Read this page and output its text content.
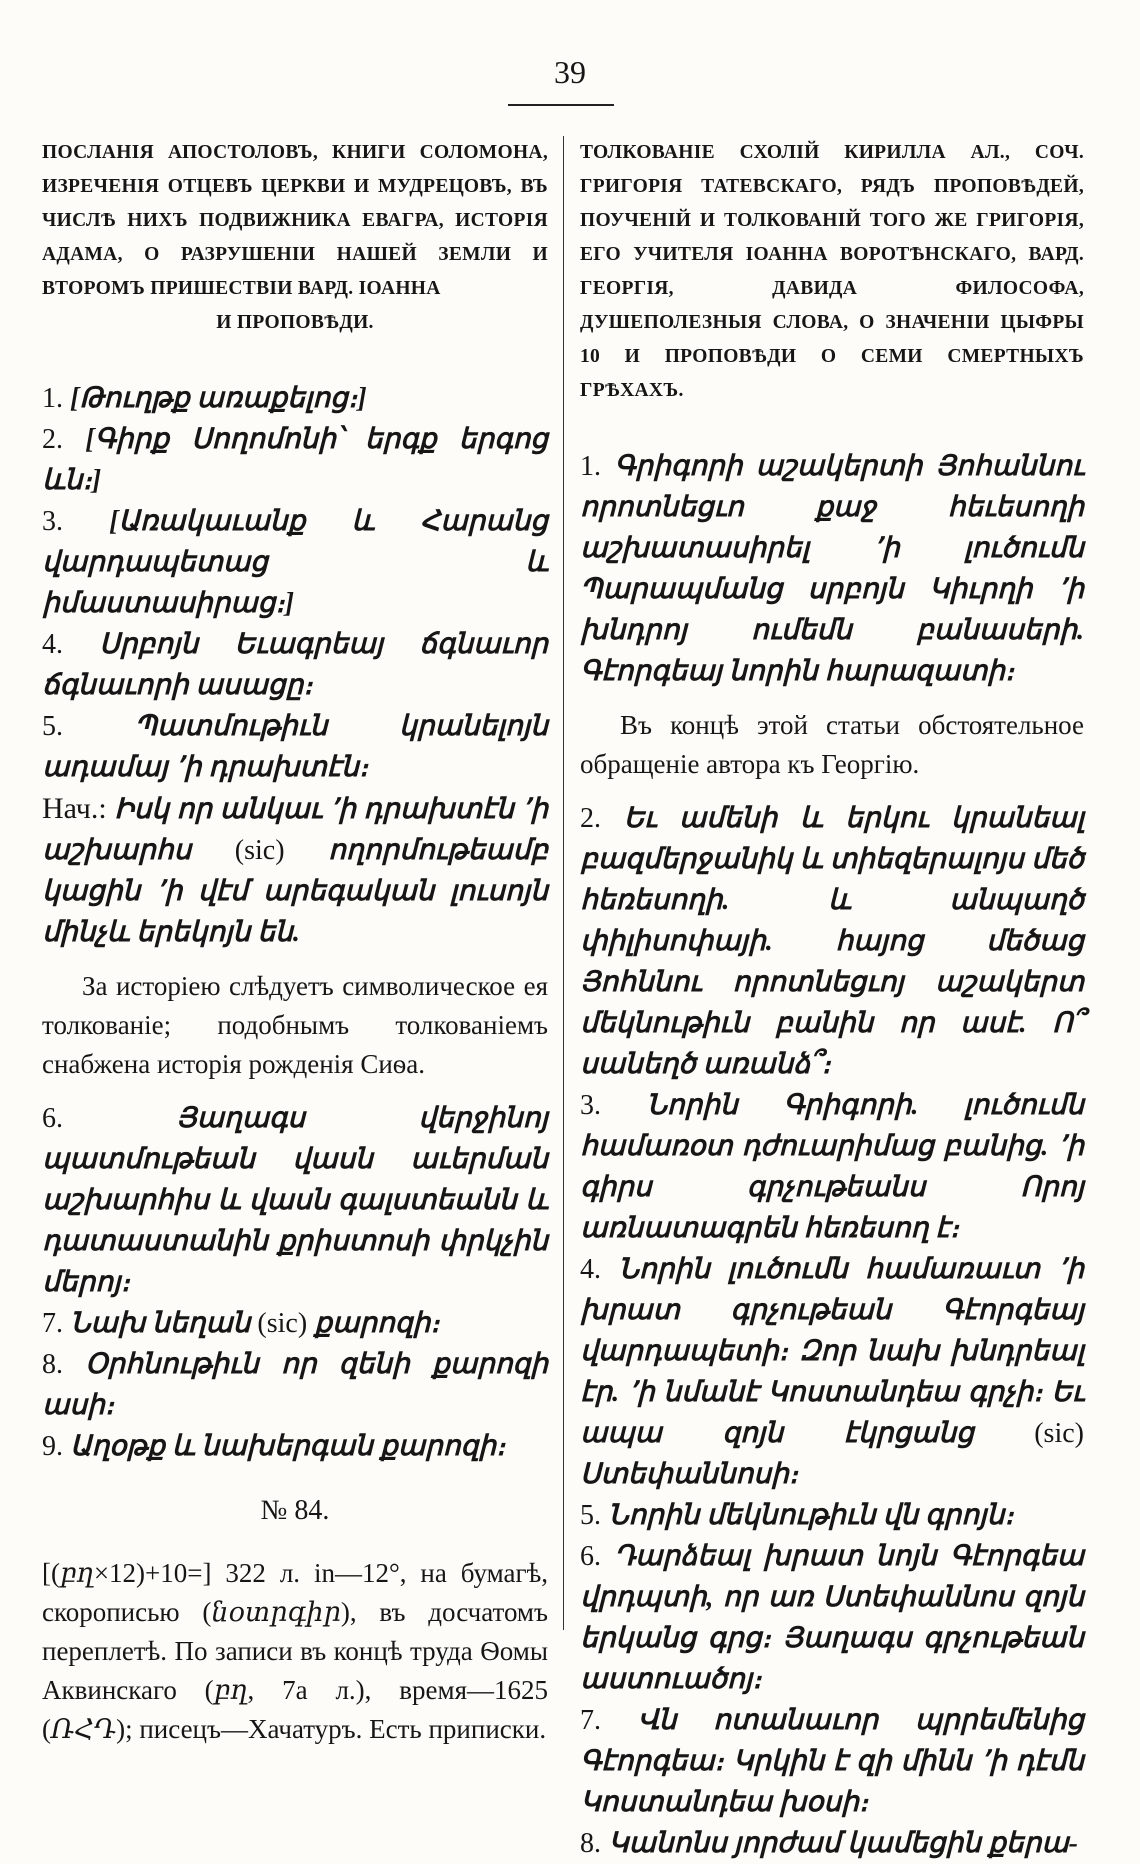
39
ПОСЛАНІЯ АПОСТОЛОВЪ, КНИГИ СОЛОМОНА, ИЗРЕЧЕНІЯ ОТЦЕВЪ ЦЕРКВИ И МУДРЕЦОВЪ, ВЪ ЧИСЛѢ НИХЪ ПОДВИЖНИКА ЕВАГРА, ИСТОРІЯ АДАМА, О РАЗРУШЕНІИ НАШЕЙ ЗЕМЛИ И ВТОРОМЪ ПРИШЕСТВІИ ВАРД. ІОАННА
И ПРОПОВѢДИ.

1. [Թուղթք առաքելոց։]

2. [Գիրք Սողոմոնի՝ երգք երգոց ևն։]

3. [Առակաւանք և Հարանց վարդապետաց և իմաստասիրաց։]

4. Սրբոյն Եւագրեայ ճգնաւոր ճգնաւորի ասացը։

5.	Պատմութիւն կրանելոյն ադամայ ՚ի դրախտէն։

Нач.: Իսկ որ անկաւ ՚ի դրախտէն ՚ի աշխարհս (sic) ողորմութեամբ կացին ՚ի վէմ արեգական լուսոյն մինչև երեկոյն են.

За исторіею слѣдуетъ символическое ея толкованіе; подобнымъ толкованіемъ снабжена исторія рожденія Сиѳа.

6.	Յաղագս վերջինոյ պատմութեան վասն աւերման աշխարհիս և վասն գալստեանն և դատաստանին քրիստոսի փրկչին մերոյ։

7. Նախ նեղան (sic) քարոզի։

8. Օրհնութիւն որ զենի քարոզի ասի։

9. Աղօթք և նախերգան քարոզի։

№ 84.

[(բղ×12)+10=] 322 л. in—12°, на бумагѣ, скорописью (նօտրգիր), въ досчатомъ переплетѣ. По записи въ концѣ труда Ѳомы Аквинскаго (բղ, 7а л.), время—1625 (ՌՀԴ); писецъ—Хачатуръ. Есть приписки.

ТОЛКОВАНІЕ СХОЛІЙ КИРИЛЛА АЛ., СОЧ. ГРИГОРІЯ ТАТЕВСКАГО, РЯДЪ ПРОПОВѢДЕЙ, ПОУЧЕНІЙ И ТОЛКОВАНІЙ ТОГО ЖЕ ГРИГОРІЯ, ЕГО УЧИТЕЛЯ ІОАННА ВОРОТѢНСКАГО, ВАРД. ГЕОРГІЯ, ДАВИДА ФИЛОСОФА, ДУШЕПОЛЕЗНЫЯ СЛОВА, О ЗНАЧЕНІИ ЦЫФРЫ 10 И ПРОПОВѢДИ О СЕМИ СМЕРТНЫХЪ ГРѢХАХЪ.

1. Գրիգորի աշակերտի Յոհաննու որոտնեցւո քաջ հեւեսողի աշխատասիրել ՚ի լուծումն Պարապմանց սրբոյն Կիւրղի ՚ի խնդրոյ ումեմն բանասերի. Գէորգեայ նորին հարազատի։

Въ концѣ этой статьи обстоятельное обращеніе автора къ Георгію.

2. Եւ ամենի և երկու կրանեալ բազմերջանիկ և տիեզերալոյս մեծ հեռեսողի. և անպաղծ փիլիսոփայի. հայոց մեծաց Յոհննու որոտնեցւոյ աշակերտ մեկնութիւն բանին որ ասէ. Ո՞ սանեղծ առանձ՞։

3. Նորին Գրիգորի. լուծումն համառօտ դժուարիմաց բանից. ՚ի գիրս գրչութեանս Որոյ առնատագրեն հեռեսող է։

4. Նորին լուծումն համառաւտ ՚ի խրատ գրչութեան Գէորգեայ վարդապետի։ Զոր նախ խնդրեալ էր. ՚ի նմանէ Կոստանդեա գրչի։ Եւ ապա զոյն էկրցանց (sic) Ստեփաննոսի։

5. Նորին մեկնութիւն վն գրոյն։

6. Դարձեալ խրատ նոյն Գէորգեա վրդպտի, որ առ Ստեփաննոս զոյն երկանց գրց։ Յաղագս գրչութեան աստուածոյ։

7. Վն ոտանաւոր պրրեմենից Գէորգեա։ Կրկին է զի մինն ՚ի դէմն Կոստանդեա խօսի։

8. Կանոնս յորժամ կամեցին քերա-
